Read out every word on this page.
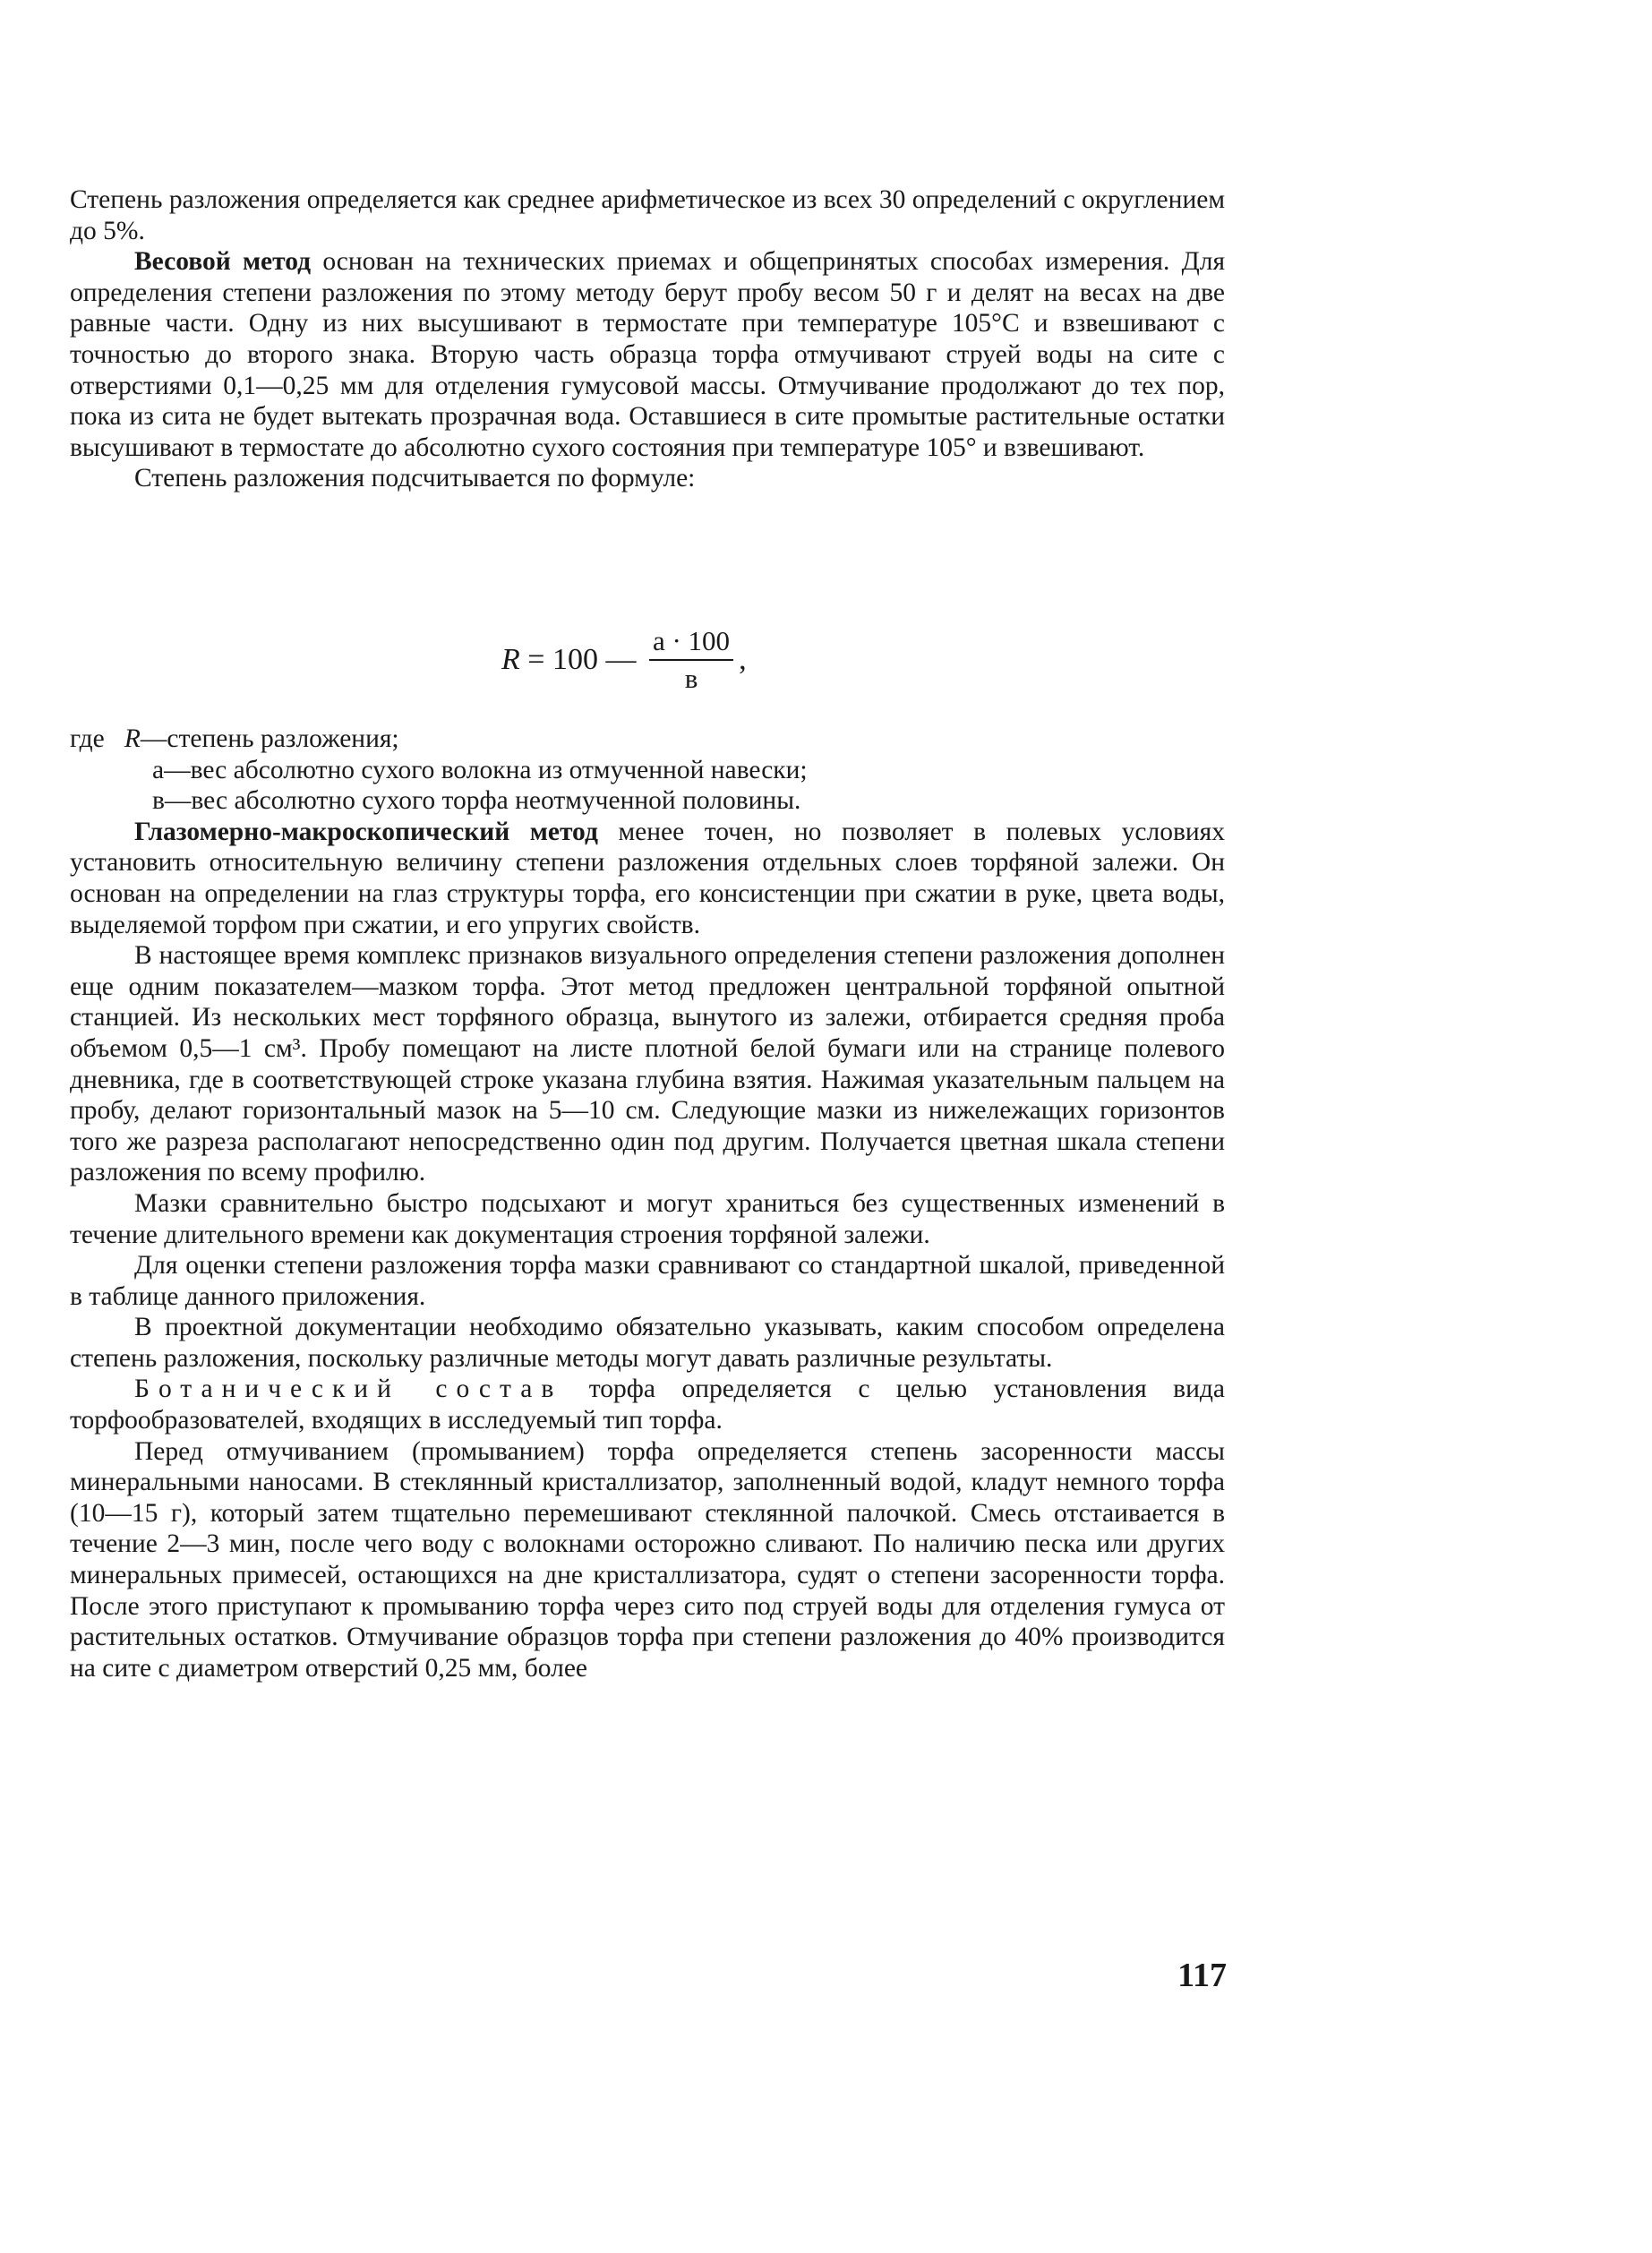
Степень разложения определяется как среднее арифметическое из всех 30 определений с округлением до 5%.

Весовой метод основан на технических приемах и общепринятых способах измерения. Для определения степени разложения по этому методу берут пробу весом 50 г и делят на весах на две равные части. Одну из них высушивают в термостате при температуре 105°С и взвешивают с точностью до второго знака. Вторую часть образца торфа отмучивают струей воды на сите с отверстиями 0,1—0,25 мм для отделения гумусовой массы. Отмучивание продолжают до тех пор, пока из сита не будет вытекать прозрачная вода. Оставшиеся в сите промытые растительные остатки высушивают в термостате до абсолютно сухого состояния при температуре 105° и взвешивают.

Степень разложения подсчитывается по формуле:

R = 100 — $\frac{а \cdot 100}{в}$ ,

где R—степень разложения;

а—вес абсолютно сухого волокна из отмученной навески;

в—вес абсолютно сухого торфа неотмученной половины.

Глазомерно-макроскопический метод менее точен, но позволяет в полевых условиях установить относительную величину степени разложения отдельных слоев торфяной залежи. Он основан на определении на глаз структуры торфа, его консистенции при сжатии в руке, цвета воды, выделяемой торфом при сжатии, и его упругих свойств.

В настоящее время комплекс признаков визуального определения степени разложения дополнен еще одним показателем—мазком торфа. Этот метод предложен центральной торфяной опытной станцией. Из нескольких мест торфяного образца, вынутого из залежи, отбирается средняя проба объемом 0,5—1 см³. Пробу помещают на листе плотной белой бумаги или на странице полевого дневника, где в соответствующей строке указана глубина взятия. Нажимая указательным пальцем на пробу, делают горизонтальный мазок на 5—10 см. Следующие мазки из нижележащих горизонтов того же разреза располагают непосредственно один под другим. Получается цветная шкала степени разложения по всему профилю.

Мазки сравнительно быстро подсыхают и могут храниться без существенных изменений в течение длительного времени как документация строения торфяной залежи.

Для оценки степени разложения торфа мазки сравнивают со стандартной шкалой, приведенной в таблице данного приложения.

В проектной документации необходимо обязательно указывать, каким способом определена степень разложения, поскольку различные методы могут давать различные результаты.

Ботанический состав торфа определяется с целью установления вида торфообразователей, входящих в исследуемый тип торфа.

Перед отмучиванием (промыванием) торфа определяется степень засоренности массы минеральными наносами. В стеклянный кристаллизатор, заполненный водой, кладут немного торфа (10—15 г), который затем тщательно перемешивают стеклянной палочкой. Смесь отстаивается в течение 2—3 мин, после чего воду с волокнами осторожно сливают. По наличию песка или других минеральных примесей, остающихся на дне кристаллизатора, судят о степени засоренности торфа. После этого приступают к промыванию торфа через сито под струей воды для отделения гумуса от растительных остатков. Отмучивание образцов торфа при степени разложения до 40% производится на сите с диаметром отверстий 0,25 мм, более

117
